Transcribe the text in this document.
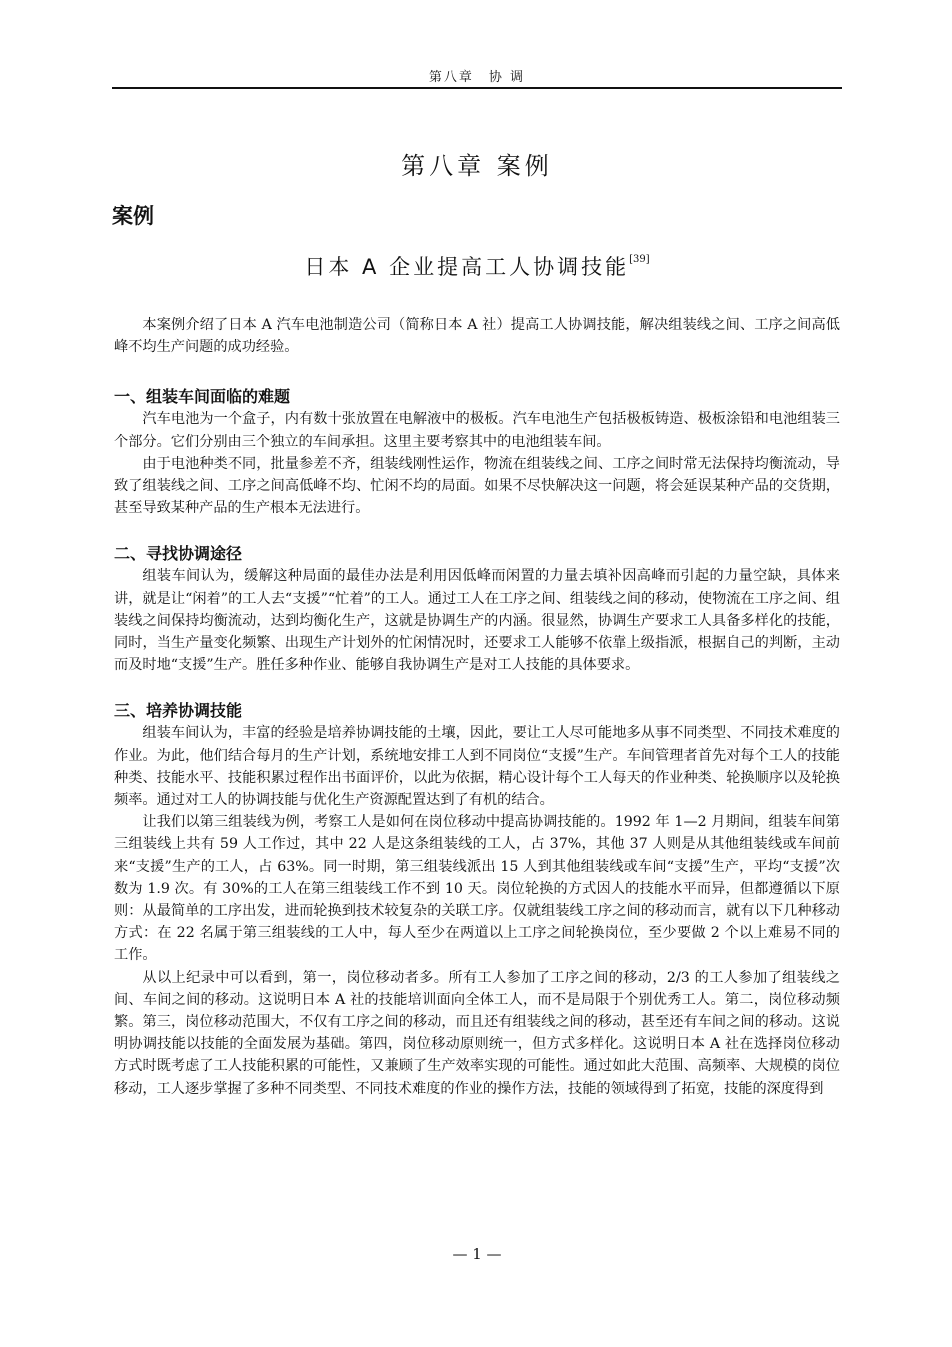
第八章　协 调
第八章 案例
案例
日本 A 企业提高工人协调技能[39]

本案例介绍了日本 A 汽车电池制造公司（简称日本 A 社）提高工人协调技能，解决组装线之间、工序之间高低峰不均生产问题的成功经验。

一、组装车间面临的难题

汽车电池为一个盒子，内有数十张放置在电解液中的极板。汽车电池生产包括极板铸造、极板涂铅和电池组装三个部分。它们分别由三个独立的车间承担。这里主要考察其中的电池组装车间。

由于电池种类不同，批量参差不齐，组装线刚性运作，物流在组装线之间、工序之间时常无法保持均衡流动，导致了组装线之间、工序之间高低峰不均、忙闲不均的局面。如果不尽快解决这一问题，将会延误某种产品的交货期，甚至导致某种产品的生产根本无法进行。

二、寻找协调途径

组装车间认为，缓解这种局面的最佳办法是利用因低峰而闲置的力量去填补因高峰而引起的力量空缺，具体来讲，就是让“闲着”的工人去“支援”“忙着”的工人。通过工人在工序之间、组装线之间的移动，使物流在工序之间、组装线之间保持均衡流动，达到均衡化生产，这就是协调生产的内涵。很显然，协调生产要求工人具备多样化的技能，同时，当生产量变化频繁、出现生产计划外的忙闲情况时，还要求工人能够不依靠上级指派，根据自己的判断，主动而及时地“支援”生产。胜任多种作业、能够自我协调生产是对工人技能的具体要求。

三、培养协调技能

组装车间认为，丰富的经验是培养协调技能的土壤，因此，要让工人尽可能地多从事不同类型、不同技术难度的作业。为此，他们结合每月的生产计划，系统地安排工人到不同岗位“支援”生产。车间管理者首先对每个工人的技能种类、技能水平、技能积累过程作出书面评价，以此为依据，精心设计每个工人每天的作业种类、轮换顺序以及轮换频率。通过对工人的协调技能与优化生产资源配置达到了有机的结合。

让我们以第三组装线为例，考察工人是如何在岗位移动中提高协调技能的。1992 年 1—2 月期间，组装车间第三组装线上共有 59 人工作过，其中 22 人是这条组装线的工人，占 37%，其他 37 人则是从其他组装线或车间前来“支援”生产的工人，占 63%。同一时期，第三组装线派出 15 人到其他组装线或车间“支援”生产，平均“支援”次数为 1.9 次。有 30%的工人在第三组装线工作不到 10 天。岗位轮换的方式因人的技能水平而异，但都遵循以下原则：从最简单的工序出发，进而轮换到技术较复杂的关联工序。仅就组装线工序之间的移动而言，就有以下几种移动方式：在 22 名属于第三组装线的工人中，每人至少在两道以上工序之间轮换岗位，至少要做 2 个以上难易不同的工作。

从以上纪录中可以看到，第一，岗位移动者多。所有工人参加了工序之间的移动，2/3 的工人参加了组装线之间、车间之间的移动。这说明日本 A 社的技能培训面向全体工人，而不是局限于个别优秀工人。第二，岗位移动频繁。第三，岗位移动范围大，不仅有工序之间的移动，而且还有组装线之间的移动，甚至还有车间之间的移动。这说明协调技能以技能的全面发展为基础。第四，岗位移动原则统一，但方式多样化。这说明日本 A 社在选择岗位移动方式时既考虑了工人技能积累的可能性，又兼顾了生产效率实现的可能性。通过如此大范围、高频率、大规模的岗位移动，工人逐步掌握了多种不同类型、不同技术难度的作业的操作方法，技能的领域得到了拓宽，技能的深度得到

— 1 —
